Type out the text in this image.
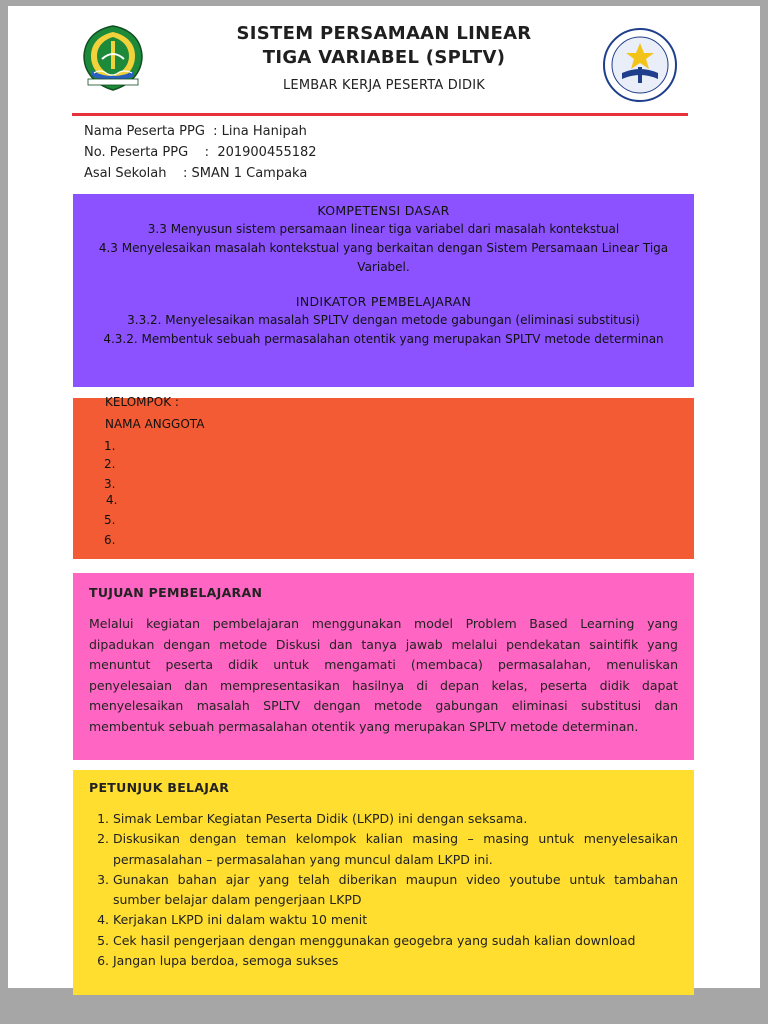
SISTEM PERSAMAAN LINEAR
TIGA VARIABEL (SPLTV)
LEMBAR KERJA PESERTA DIDIK
Nama Peserta PPG  : Lina Hanipah
No. Peserta PPG    :  201900455182
Asal Sekolah    : SMAN 1 Campaka
KOMPETENSI DASAR
3.3 Menyusun sistem persamaan linear tiga variabel dari masalah kontekstual
4.3 Menyelesaikan masalah kontekstual yang berkaitan dengan Sistem Persamaan Linear Tiga Variabel.
INDIKATOR PEMBELAJARAN
3.3.2. Menyelesaikan masalah SPLTV dengan metode gabungan (eliminasi substitusi)
4.3.2. Membentuk sebuah permasalahan otentik yang merupakan SPLTV metode determinan
KELOMPOK :
NAMA ANGGOTA
1.
2.
3.
4.
5.
6.
TUJUAN PEMBELAJARAN
Melalui kegiatan pembelajaran menggunakan model Problem Based Learning yang dipadukan dengan metode Diskusi dan tanya jawab melalui pendekatan saintifik yang menuntut peserta didik untuk mengamati (membaca) permasalahan, menuliskan penyelesaian dan mempresentasikan hasilnya di depan kelas, peserta didik dapat menyelesaikan masalah SPLTV dengan metode gabungan eliminasi substitusi dan membentuk sebuah permasalahan otentik yang merupakan SPLTV metode determinan.
PETUNJUK BELAJAR
1. Simak Lembar Kegiatan Peserta Didik (LKPD) ini dengan seksama.
2. Diskusikan dengan teman kelompok kalian masing – masing untuk menyelesaikan permasalahan – permasalahan yang muncul dalam LKPD ini.
3. Gunakan bahan ajar yang telah diberikan maupun video youtube untuk tambahan sumber belajar dalam pengerjaan LKPD
4. Kerjakan LKPD ini dalam waktu 10 menit
5. Cek hasil pengerjaan dengan menggunakan geogebra yang sudah kalian download
6. Jangan lupa berdoa, semoga sukses
